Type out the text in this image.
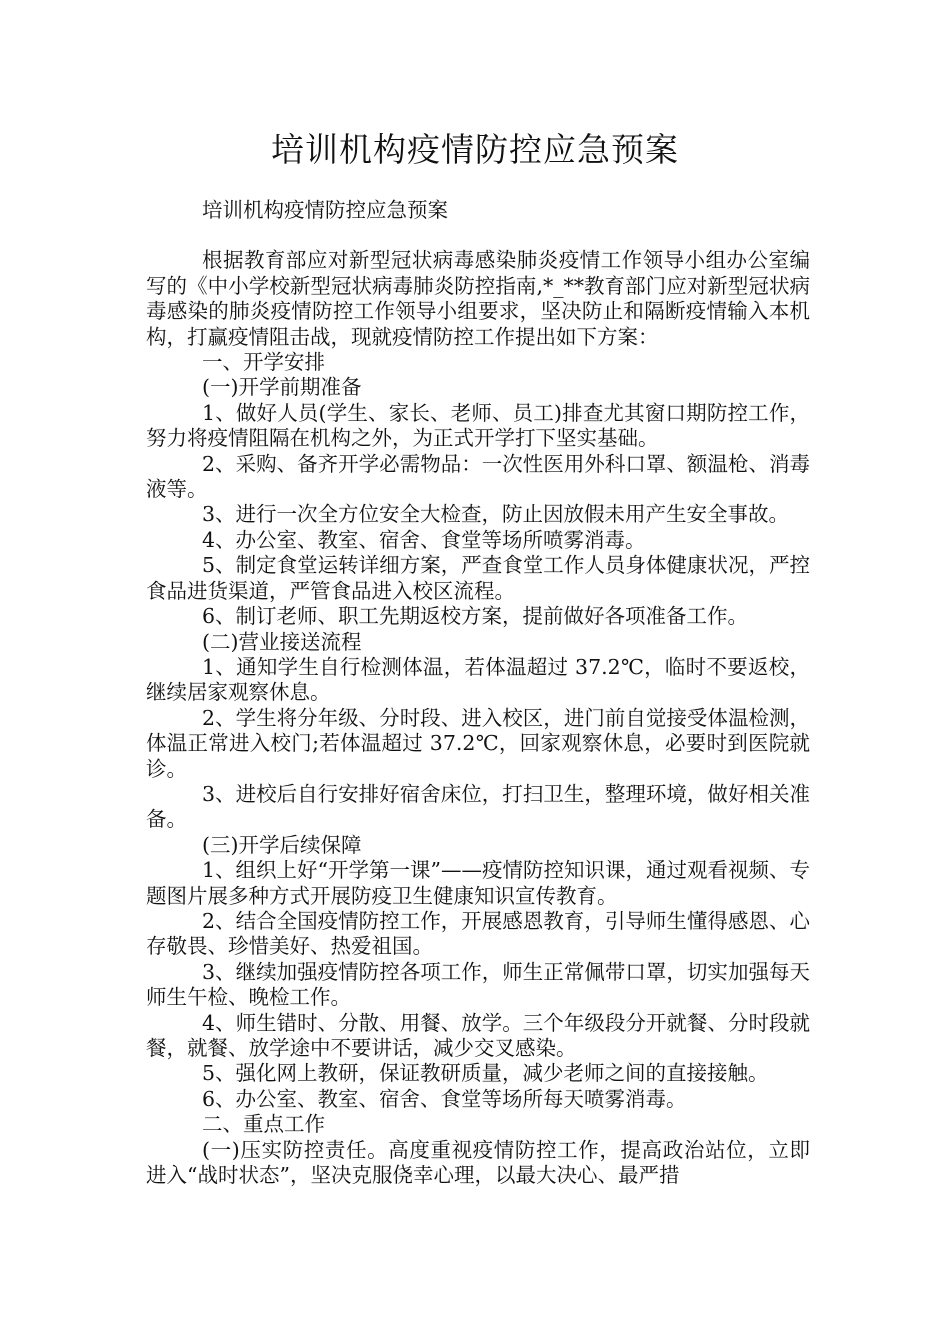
培训机构疫情防控应急预案

培训机构疫情防控应急预案

根据教育部应对新型冠状病毒感染肺炎疫情工作领导小组办公室编写的《中小学校新型冠状病毒肺炎防控指南,*_**教育部门应对新型冠状病毒感染的肺炎疫情防控工作领导小组要求，坚决防止和隔断疫情输入本机构，打赢疫情阻击战，现就疫情防控工作提出如下方案：

一、开学安排

(一)开学前期准备

1、做好人员(学生、家长、老师、员工)排查尤其窗口期防控工作，努力将疫情阻隔在机构之外，为正式开学打下坚实基础。

2、采购、备齐开学必需物品：一次性医用外科口罩、额温枪、消毒液等。

3、进行一次全方位安全大检查，防止因放假未用产生安全事故。

4、办公室、教室、宿舍、食堂等场所喷雾消毒。

5、制定食堂运转详细方案，严查食堂工作人员身体健康状况，严控食品进货渠道，严管食品进入校区流程。

6、制订老师、职工先期返校方案，提前做好各项准备工作。

(二)营业接送流程

1、通知学生自行检测体温，若体温超过 37.2℃，临时不要返校，继续居家观察休息。

2、学生将分年级、分时段、进入校区，进门前自觉接受体温检测，体温正常进入校门;若体温超过 37.2℃，回家观察休息，必要时到医院就诊。

3、进校后自行安排好宿舍床位，打扫卫生，整理环境，做好相关准备。

(三)开学后续保障

1、组织上好“开学第一课”——疫情防控知识课，通过观看视频、专题图片展多种方式开展防疫卫生健康知识宣传教育。

2、结合全国疫情防控工作，开展感恩教育，引导师生懂得感恩、心存敬畏、珍惜美好、热爱祖国。

3、继续加强疫情防控各项工作，师生正常佩带口罩，切实加强每天师生午检、晚检工作。

4、师生错时、分散、用餐、放学。三个年级段分开就餐、分时段就餐，就餐、放学途中不要讲话，减少交叉感染。

5、强化网上教研，保证教研质量，减少老师之间的直接接触。

6、办公室、教室、宿舍、食堂等场所每天喷雾消毒。

二、重点工作

(一)压实防控责任。高度重视疫情防控工作，提高政治站位，立即进入“战时状态”，坚决克服侥幸心理，以最大决心、最严措
